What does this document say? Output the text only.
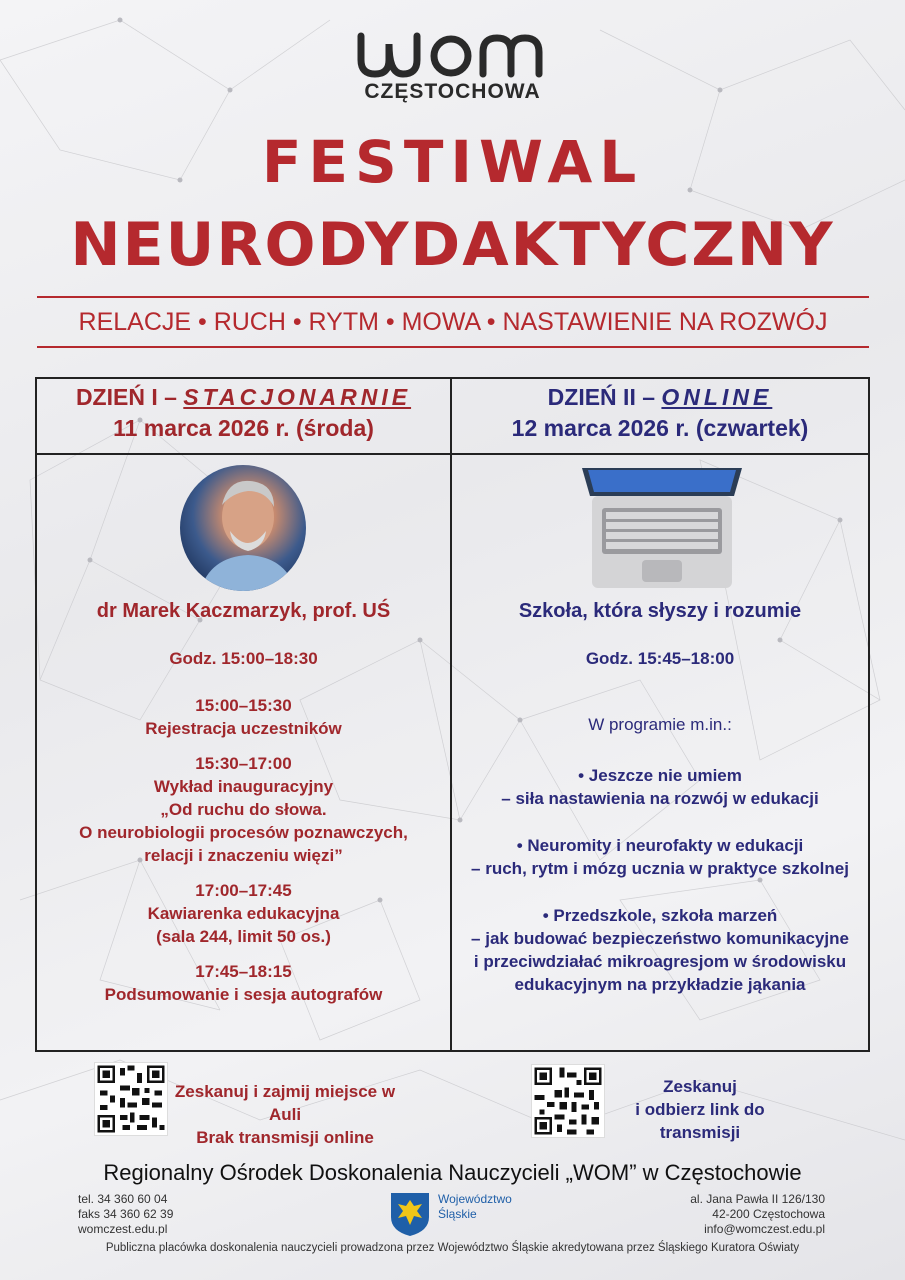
CZĘSTOCHOWA
FESTIWAL
NEURODYDAKTYCZNY
RELACJE • RUCH • RYTM • MOWA • NASTAWIENIE NA ROZWÓJ
DZIEŃ I – STACJONARNIE
11 marca 2026 r. (środa)
DZIEŃ II – ONLINE
12 marca 2026 r. (czwartek)
dr Marek Kaczmarzyk, prof. UŚ
Godz. 15:00–18:30
15:00–15:30
Rejestracja uczestników
15:30–17:00
Wykład inauguracyjny
„Od ruchu do słowa.
O neurobiologii procesów poznawczych,
relacji i znaczeniu więzi”
17:00–17:45
Kawiarenka edukacyjna
(sala 244, limit 50 os.)
17:45–18:15
Podsumowanie i sesja autografów
Szkoła, która słyszy i rozumie
Godz. 15:45–18:00
W programie m.in.:
• Jeszcze nie umiem
– siła nastawienia na rozwój w edukacji
• Neuromity i neurofakty w edukacji
– ruch, rytm i mózg ucznia w praktyce szkolnej
• Przedszkole, szkoła marzeń
– jak budować bezpieczeństwo komunikacyjne
i przeciwdziałać mikroagresjom w środowisku
edukacyjnym na przykładzie jąkania
Zeskanuj i zajmij miejsce w Auli
Brak transmisji online
Zeskanuj
i odbierz link do transmisji
Regionalny Ośrodek Doskonalenia Nauczycieli „WOM” w Częstochowie
tel. 34 360 60 04
faks 34 360 62 39
womczest.edu.pl
Województwo
Śląskie
al. Jana Pawła II 126/130
42-200 Częstochowa
info@womczest.edu.pl
Publiczna placówka doskonalenia nauczycieli prowadzona przez Województwo Śląskie akredytowana przez Śląskiego Kuratora Oświaty
